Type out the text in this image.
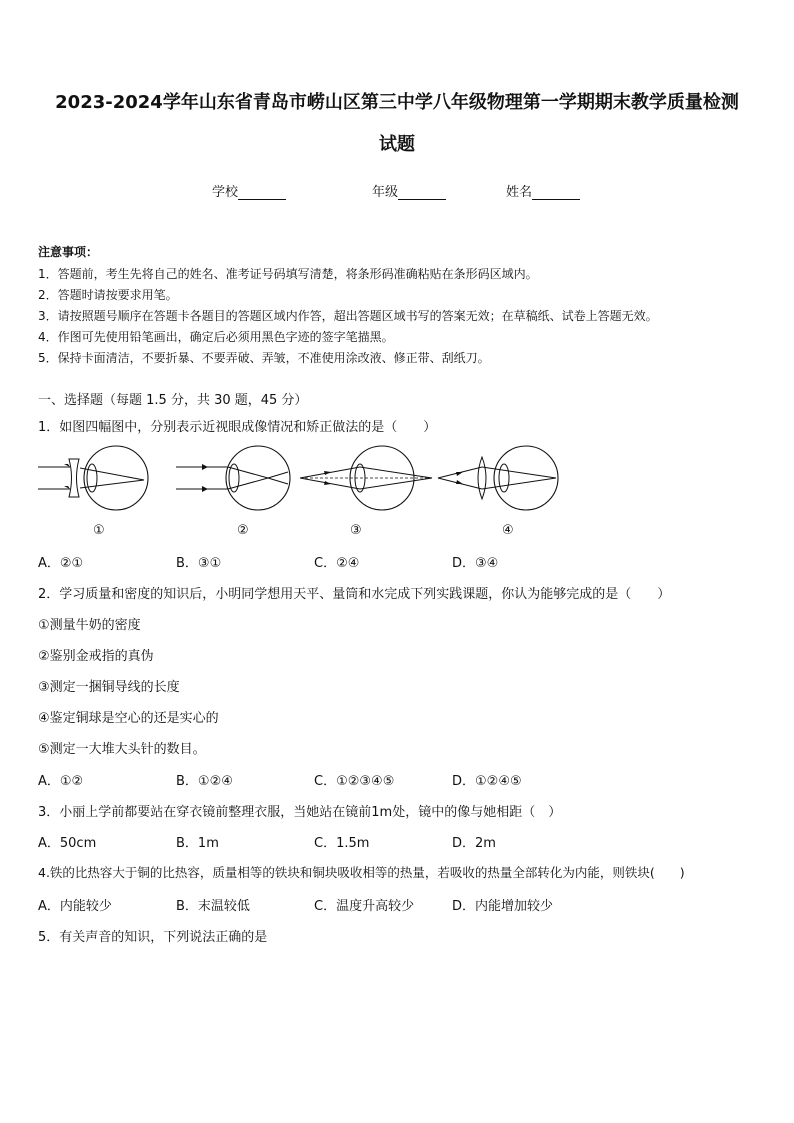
2023-2024学年山东省青岛市崂山区第三中学八年级物理第一学期期末教学质量检测
试题
学校	年级	姓名
注意事项：
1．答题前，考生先将自己的姓名、准考证号码填写清楚，将条形码准确粘贴在条形码区域内。
2．答题时请按要求用笔。
3．请按照题号顺序在答题卡各题目的答题区域内作答，超出答题区域书写的答案无效；在草稿纸、试卷上答题无效。
4．作图可先使用铅笔画出，确定后必须用黑色字迹的签字笔描黑。
5．保持卡面清洁，不要折暴、不要弄破、弄皱，不准使用涂改液、修正带、刮纸刀。
一、选择题（每题 1.5 分，共 30 题，45 分）
1．如图四幅图中，分别表示近视眼成像情况和矫正做法的是（　　）
①	②	③	④
A．②①	B．③①	C．②④	D．③④
2．学习质量和密度的知识后，小明同学想用天平、量筒和水完成下列实践课题，你认为能够完成的是（　　）
①测量牛奶的密度
②鉴别金戒指的真伪
③测定一捆铜导线的长度
④鉴定铜球是空心的还是实心的
⑤测定一大堆大头针的数目。
A．①②	B．①②④	C．①②③④⑤	D．①②④⑤
3．小丽上学前都要站在穿衣镜前整理衣服，当她站在镜前1m处，镜中的像与她相距（　）
A．50cm	B．1m	C．1.5m	D．2m
4.铁的比热容大于铜的比热容，质量相等的铁块和铜块吸收相等的热量，若吸收的热量全部转化为内能，则铁块(　　)
A．内能较少	B．末温较低	C．温度升高较少	D．内能增加较少
5．有关声音的知识，下列说法正确的是
